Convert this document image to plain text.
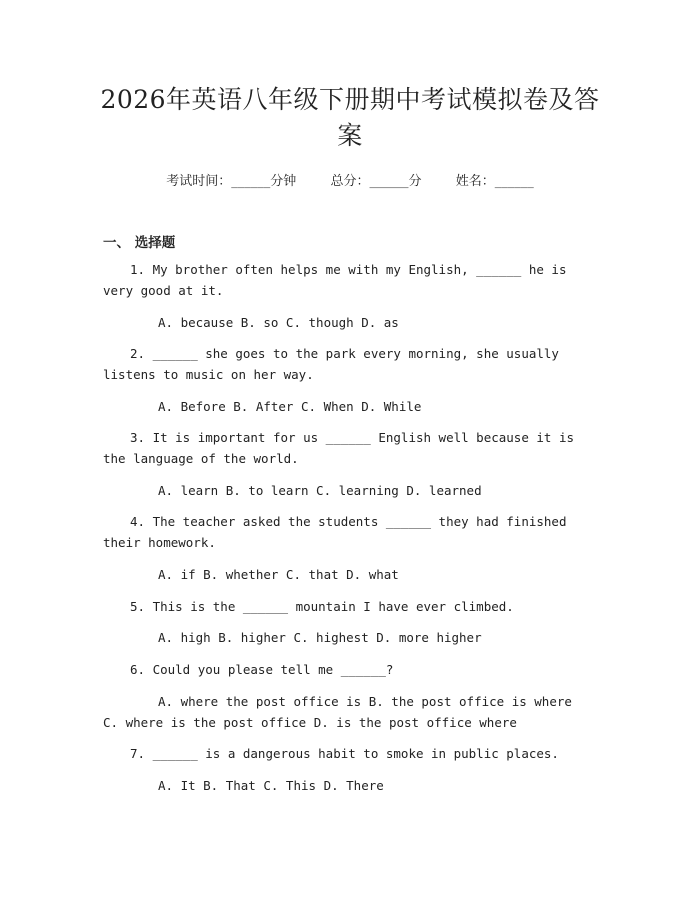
2026年英语八年级下册期中考试模拟卷及答案
考试时间：______分钟	总分：______分	姓名：______
一、 选择题
1. My brother often helps me with my English, ______ he is very good at it.
A. because B. so C. though D. as
2. ______ she goes to the park every morning, she usually listens to music on her way.
A. Before B. After C. When D. While
3. It is important for us ______ English well because it is the language of the world.
A. learn B. to learn C. learning D. learned
4. The teacher asked the students ______ they had finished their homework.
A. if B. whether C. that D. what
5. This is the ______ mountain I have ever climbed.
A. high B. higher C. highest D. more higher
6. Could you please tell me ______?
A. where the post office is B. the post office is where C. where is the post office D. is the post office where
7. ______ is a dangerous habit to smoke in public places.
A. It B. That C. This D. There
